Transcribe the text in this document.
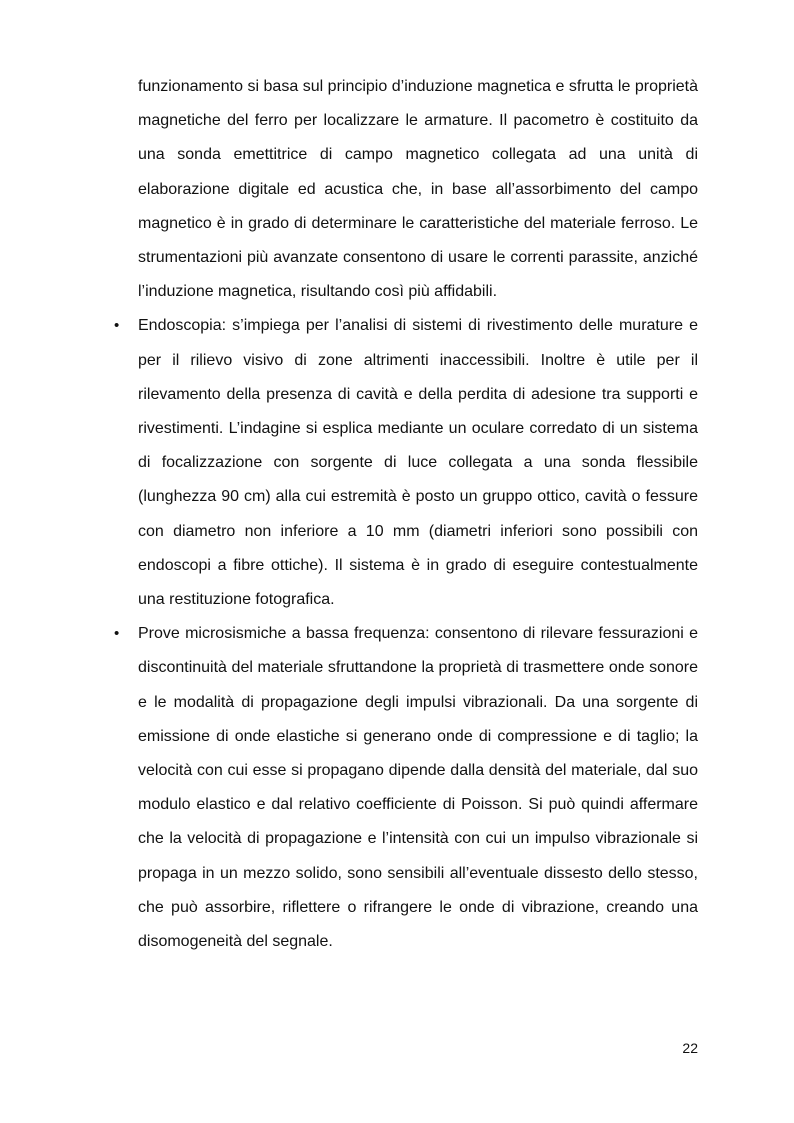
funzionamento si basa sul principio d’induzione magnetica e sfrutta le proprietà magnetiche del ferro per localizzare le armature. Il pacometro è costituito da una sonda emettitrice di campo magnetico collegata ad una unità di elaborazione digitale ed acustica che, in base all’assorbimento del campo magnetico è in grado di determinare le caratteristiche del materiale ferroso. Le strumentazioni più avanzate consentono di usare le correnti parassite, anziché l’induzione magnetica, risultando così più affidabili.

• Endoscopia: s’impiega per l’analisi di sistemi di rivestimento delle murature e per il rilievo visivo di zone altrimenti inaccessibili. Inoltre è utile per il rilevamento della presenza di cavità e della perdita di adesione tra supporti e rivestimenti. L’indagine si esplica mediante un oculare corredato di un sistema di focalizzazione con sorgente di luce collegata a una sonda flessibile (lunghezza 90 cm) alla cui estremità è posto un gruppo ottico, cavità o fessure con diametro non inferiore a 10 mm (diametri inferiori sono possibili con endoscopi a fibre ottiche). Il sistema è in grado di eseguire contestualmente una restituzione fotografica.

• Prove microsismiche a bassa frequenza: consentono di rilevare fessurazioni e discontinuità del materiale sfruttandone la proprietà di trasmettere onde sonore e le modalità di propagazione degli impulsi vibrazionali. Da una sorgente di emissione di onde elastiche si generano onde di compressione e di taglio; la velocità con cui esse si propagano dipende dalla densità del materiale, dal suo modulo elastico e dal relativo coefficiente di Poisson. Si può quindi affermare che la velocità di propagazione e l’intensità con cui un impulso vibrazionale si propaga in un mezzo solido, sono sensibili all’eventuale dissesto dello stesso, che può assorbire, riflettere o rifrangere le onde di vibrazione, creando una disomogeneità del segnale.

22
